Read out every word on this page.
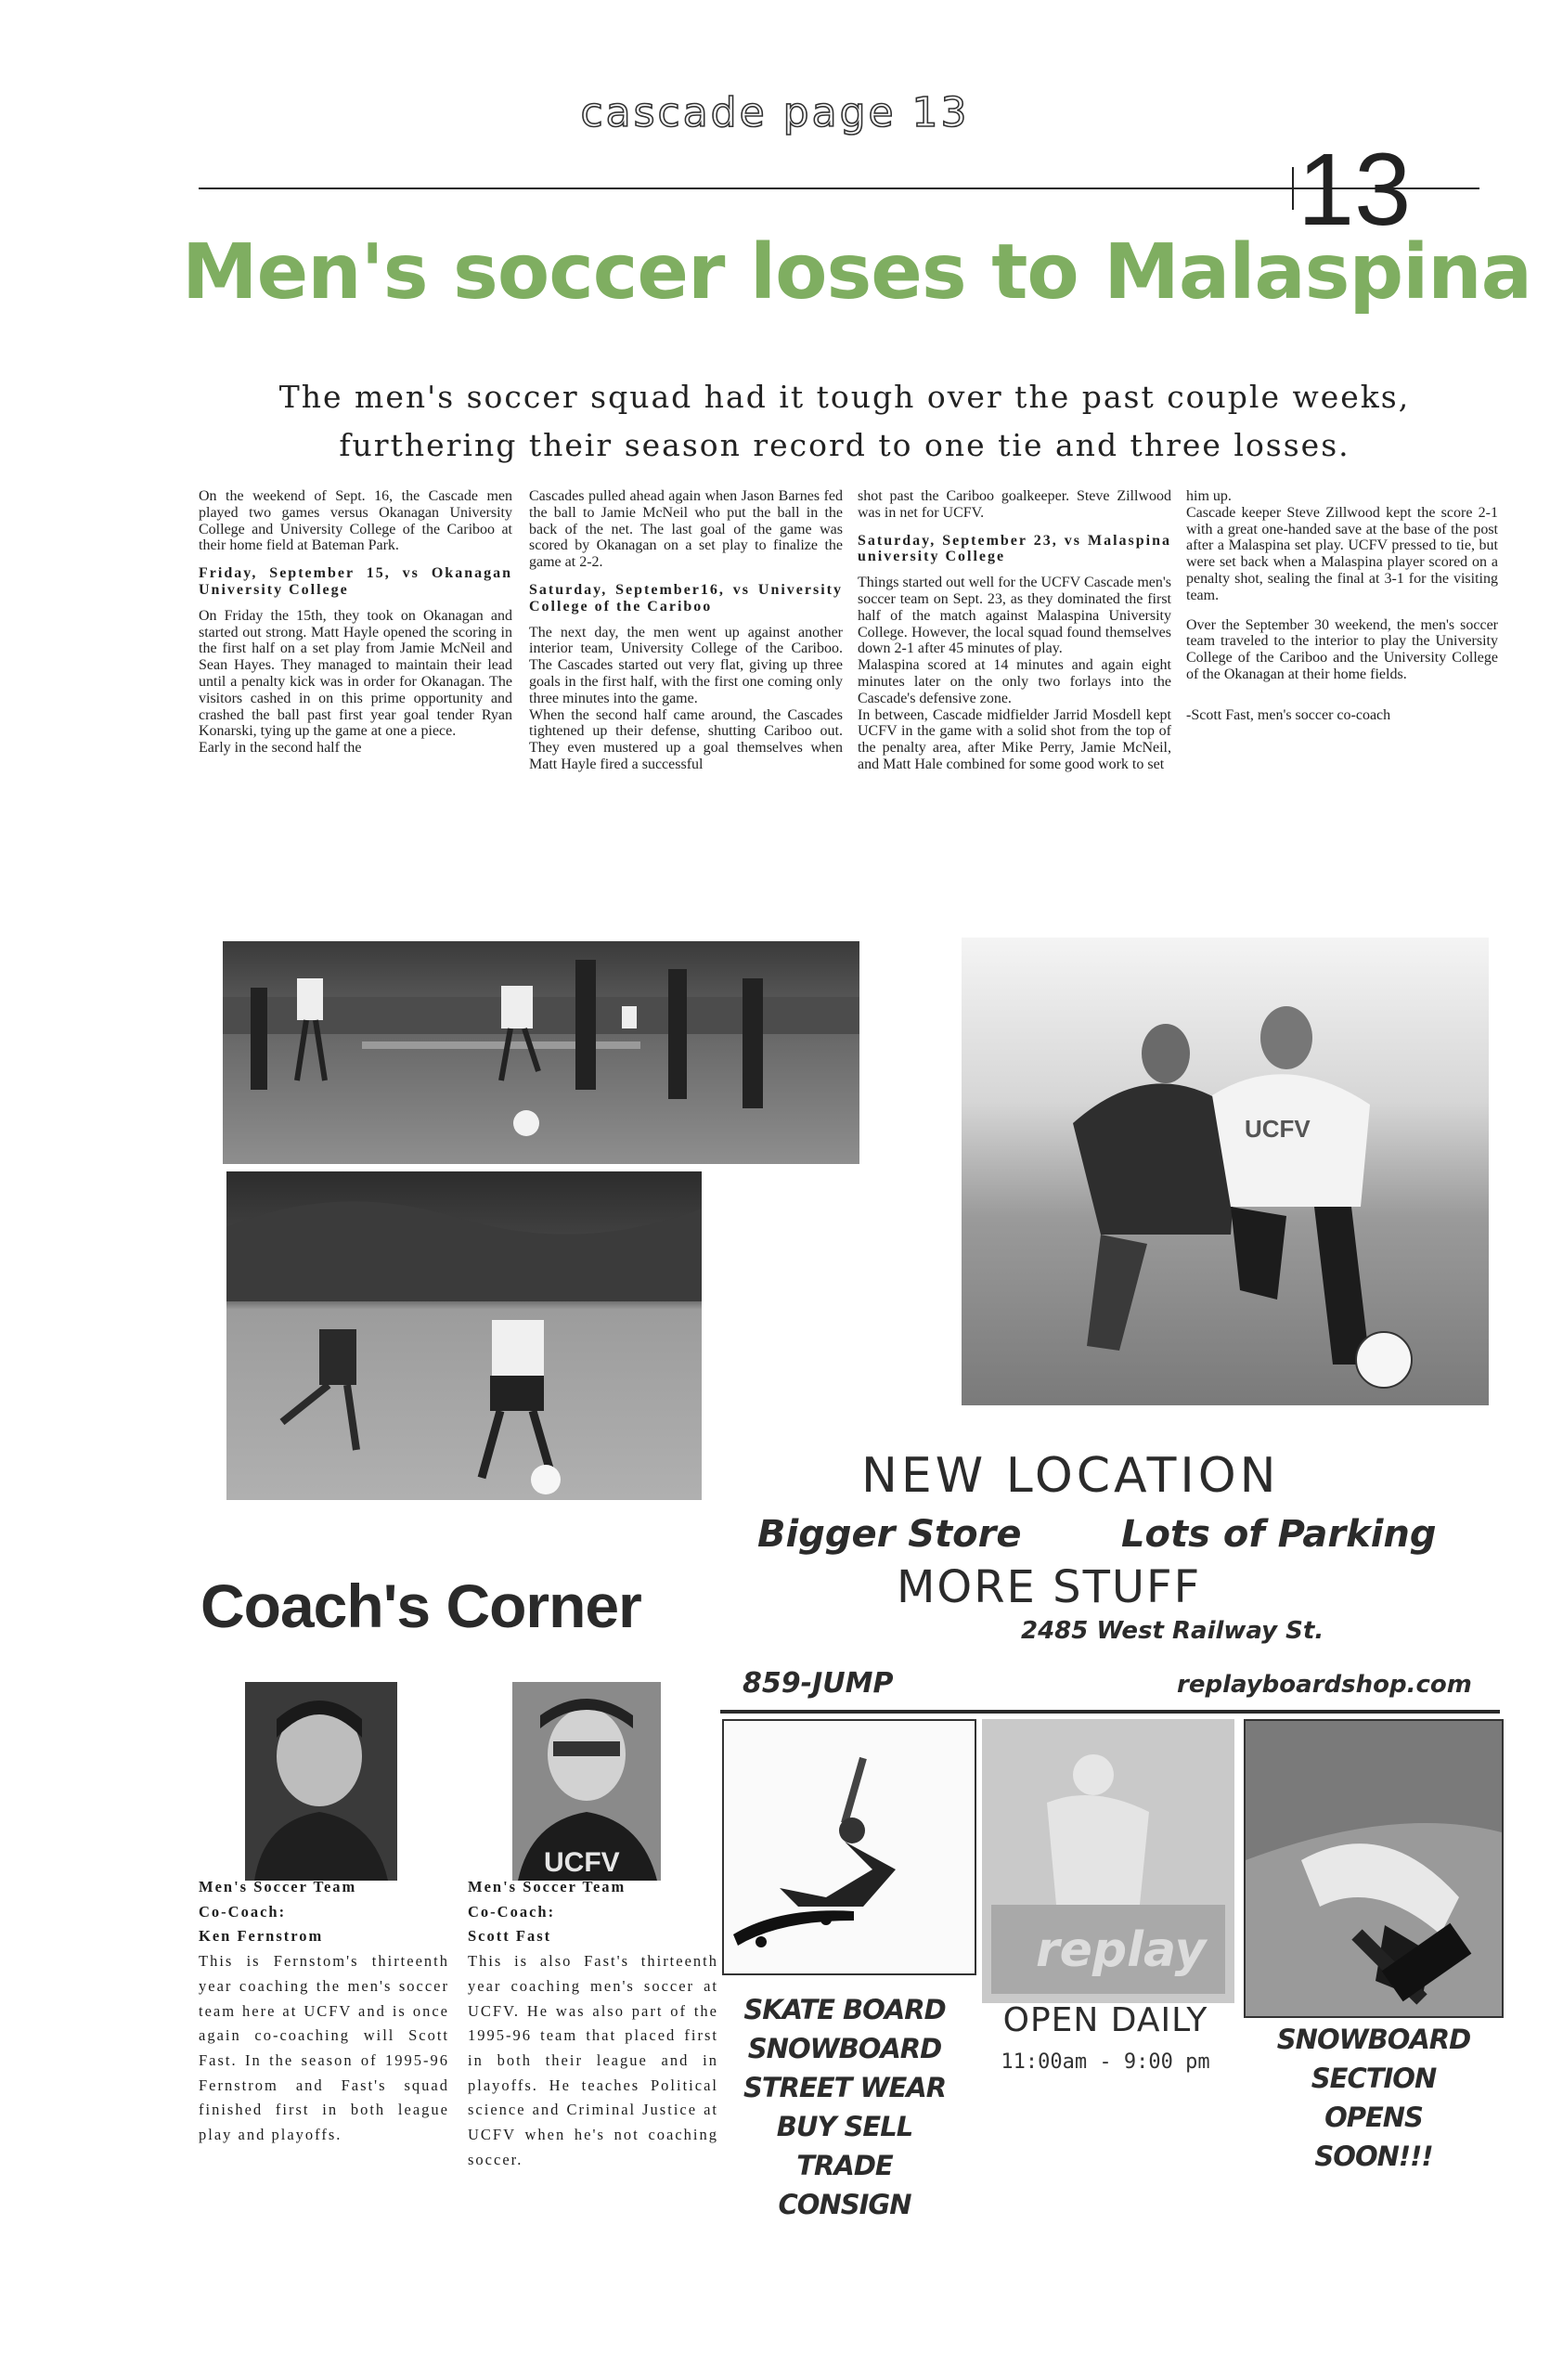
cascade page 13
13
Men's soccer loses to Malaspina
The men's soccer squad had it tough over the past couple weeks, furthering their season record to one tie and three losses.

On the weekend of Sept. 16, the Cascade men played two games versus Okanagan University College and University College of the Cariboo at their home field at Bateman Park.

Friday, September 15, vs Okanagan University College

On Friday the 15th, they took on Okanagan and started out strong. Matt Hayle opened the scoring in the first half on a set play from Jamie McNeil and Sean Hayes. They managed to maintain their lead until a penalty kick was in order for Okanagan. The visitors cashed in on this prime opportunity and crashed the ball past first year goal tender Ryan Konarski, tying up the game at one a piece.

Early in the second half the

Cascades pulled ahead again when Jason Barnes fed the ball to Jamie McNeil who put the ball in the back of the net. The last goal of the game was scored by Okanagan on a set play to finalize the game at 2-2.

Saturday, September16, vs University College of the Cariboo

The next day, the men went up against another interior team, University College of the Cariboo. The Cascades started out very flat, giving up three goals in the first half, with the first one coming only three minutes into the game.

When the second half came around, the Cascades tightened up their defense, shutting Cariboo out. They even mustered up a goal themselves when Matt Hayle fired a successful

shot past the Cariboo goalkeeper. Steve Zillwood was in net for UCFV.

Saturday, September 23, vs Malaspina university College

Things started out well for the UCFV Cascade men's soccer team on Sept. 23, as they dominated the first half of the match against Malaspina University College. However, the local squad found themselves down 2-1 after 45 minutes of play.

Malaspina scored at 14 minutes and again eight minutes later on the only two forlays into the Cascade's defensive zone.

In between, Cascade midfielder Jarrid Mosdell kept UCFV in the game with a solid shot from the top of the penalty area, after Mike Perry, Jamie McNeil, and Matt Hale combined for some good work to set

him up.

Cascade keeper Steve Zillwood kept the score 2-1 with a great one-handed save at the base of the post after a Malaspina set play. UCFV pressed to tie, but were set back when a Malaspina player scored on a penalty shot, sealing the final at 3-1 for the visiting team.

Over the September 30 weekend, the men's soccer team traveled to the interior to play the University College of the Cariboo and the University College of the Okanagan at their home fields.

-Scott Fast, men's soccer co-coach

UCFV
Coach's Corner
UCFV
Men's Soccer Team
Co-Coach:
Ken Fernstrom
This is Fernstom's thirteenth year coaching the men's soccer team here at UCFV and is once again co-coaching will Scott Fast. In the season of 1995-96 Fernstrom and Fast's squad finished first in both league play and playoffs.
Men's Soccer Team
Co-Coach:
Scott Fast
This is also Fast's thirteenth year coaching men's soccer at UCFV. He was also part of the 1995-96 team that placed first in both their league and in playoffs. He teaches Political science and Criminal Justice at UCFV when he's not coaching soccer.
NEW LOCATION
Bigger Store	Lots of Parking
MORE STUFF
2485 West Railway St.
859-JUMP	replayboardshop.com
replay
SKATE BOARD
SNOWBOARD
STREET WEAR
BUY SELL
TRADE
CONSIGN
OPEN DAILY
11:00am - 9:00 pm
SNOWBOARD
SECTION
OPENS
SOON!!!
